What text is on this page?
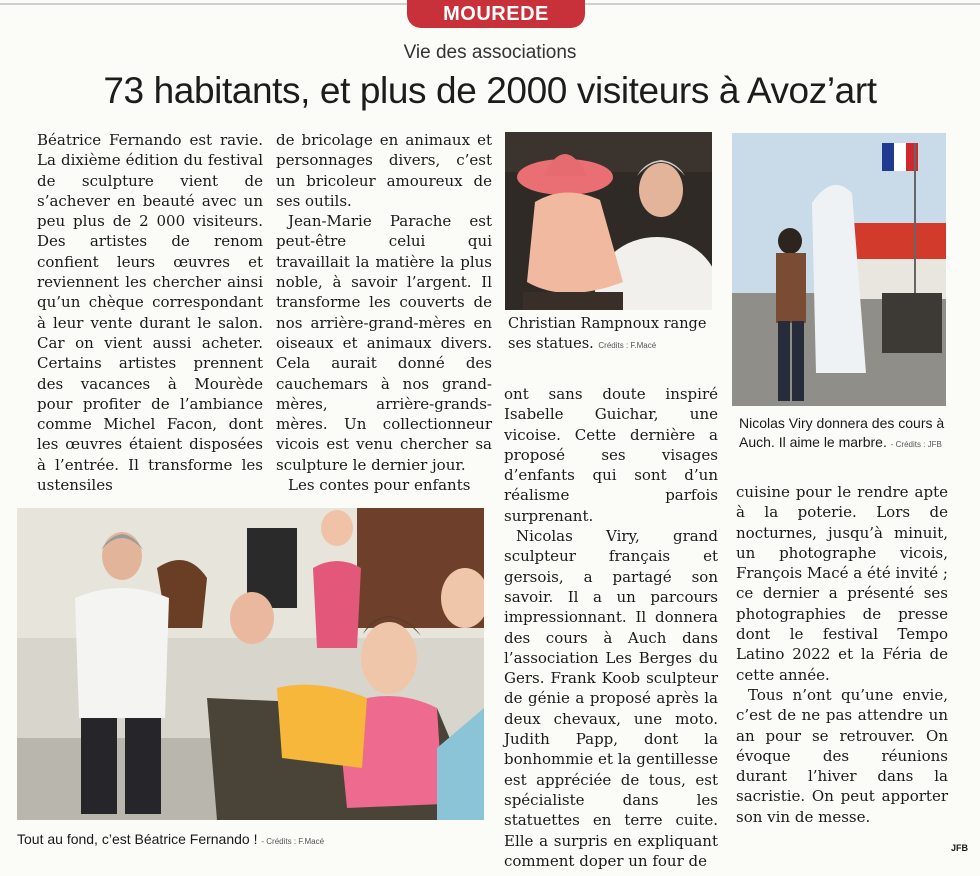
MOUREDE
Vie des associations
73 habitants, et plus de 2000 visiteurs à Avoz’art

Béatrice Fernando est ravie. La dixième édition du festival de sculpture vient de s’achever en beauté avec un peu plus de 2 000 visiteurs. Des artistes de renom confient leurs œuvres et reviennent les chercher ainsi qu’un chèque correspondant à leur vente durant le salon. Car on vient aussi acheter. Certains artistes prennent des vacances à Mourède pour profiter de l’ambiance comme Michel Facon, dont les œuvres étaient disposées à l’entrée. Il transforme les ustensiles

de bricolage en animaux et personnages divers, c’est un bricoleur amoureux de ses outils.

Jean-Marie Parache est peut-être celui qui travaillait la matière la plus noble, à savoir l’argent. Il transforme les couverts de nos arrière-grand-mères en oiseaux et animaux divers. Cela aurait donné des cauchemars à nos grand-mères, arrière-grands-mères. Un collectionneur vicois est venu chercher sa sculpture le dernier jour.

Les contes pour enfants

Christian Rampnoux range ses statues. Crédits : F.Macé
Nicolas Viry donnera des cours à Auch. Il aime le marbre. - Crédits : JFB

ont sans doute inspiré Isabelle Guichar, une vicoise. Cette dernière a proposé ses visages d’enfants qui sont d’un réalisme parfois surprenant.

Nicolas Viry, grand sculpteur français et gersois, a partagé son savoir. Il a un parcours impressionnant. Il donnera des cours à Auch dans l’association Les Berges du Gers. Frank Koob sculpteur de génie a proposé après la deux chevaux, une moto. Judith Papp, dont la bonhommie et la gentillesse est appréciée de tous, est spécialiste dans les statuettes en terre cuite. Elle a surpris en expliquant comment doper un four de

cuisine pour le rendre apte à la poterie. Lors de nocturnes, jusqu’à minuit, un photographe vicois, François Macé a été invité ; ce dernier a présenté ses photographies de presse dont le festival Tempo Latino 2022 et la Féria de cette année.

Tous n’ont qu’une envie, c’est de ne pas attendre un an pour se retrouver. On évoque des réunions durant l’hiver dans la sacristie. On peut apporter son vin de messe.

Tout au fond, c’est Béatrice Fernando ! - Crédits : F.Macé
JFB
